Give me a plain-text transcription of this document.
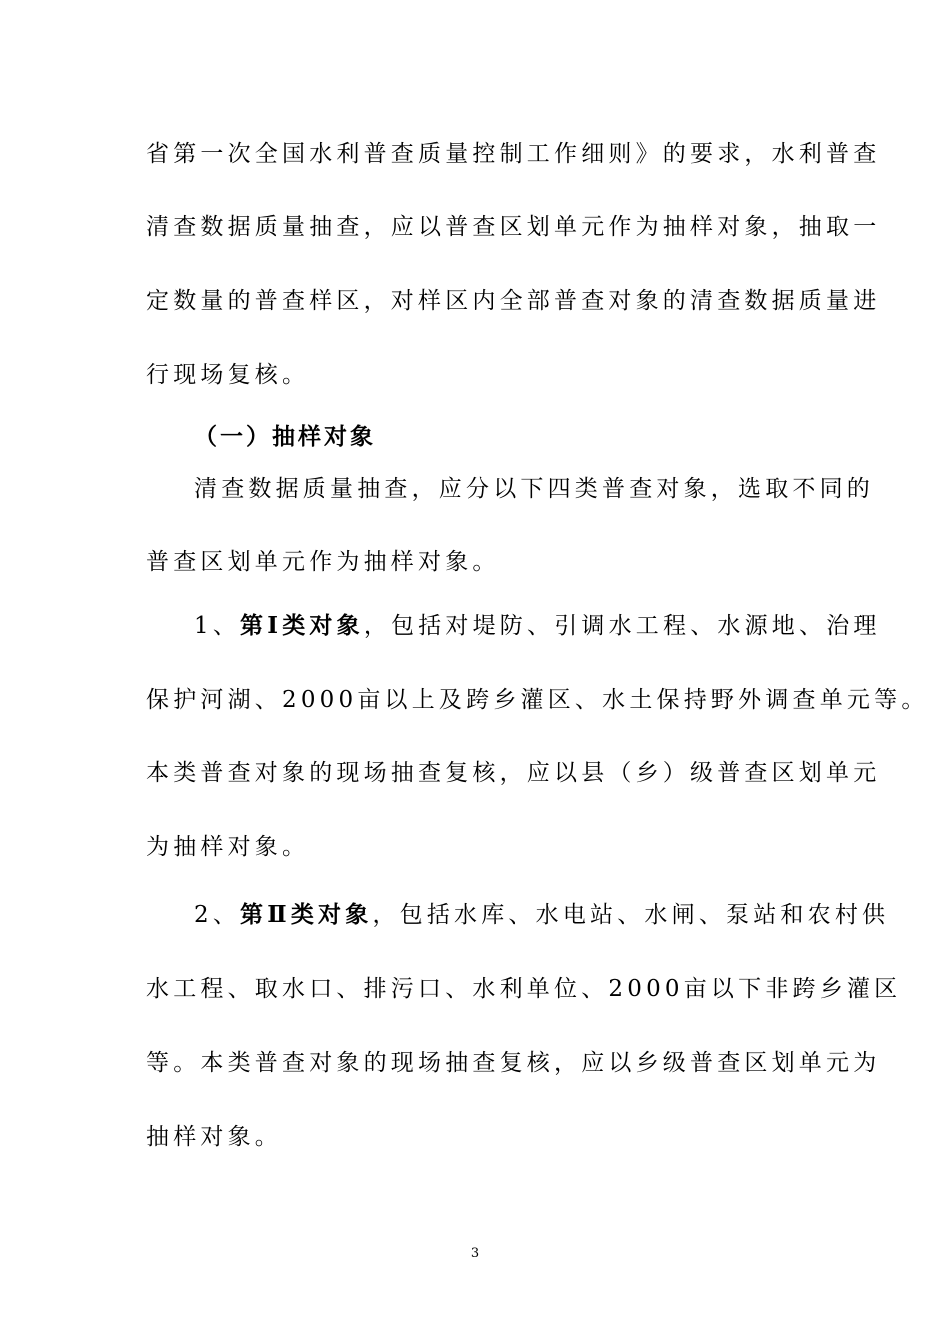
省第一次全国水利普查质量控制工作细则》的要求，水利普查
清查数据质量抽查，应以普查区划单元作为抽样对象，抽取一
定数量的普查样区，对样区内全部普查对象的清查数据质量进
行现场复核。
（一）抽样对象
清查数据质量抽查，应分以下四类普查对象，选取不同的
普查区划单元作为抽样对象。
1、第Ⅰ类对象，包括对堤防、引调水工程、水源地、治理
保护河湖、2000亩以上及跨乡灌区、水土保持野外调查单元等。
本类普查对象的现场抽查复核，应以县（乡）级普查区划单元
为抽样对象。
2、第Ⅱ类对象，包括水库、水电站、水闸、泵站和农村供
水工程、取水口、排污口、水利单位、2000亩以下非跨乡灌区
等。本类普查对象的现场抽查复核，应以乡级普查区划单元为
抽样对象。
3
